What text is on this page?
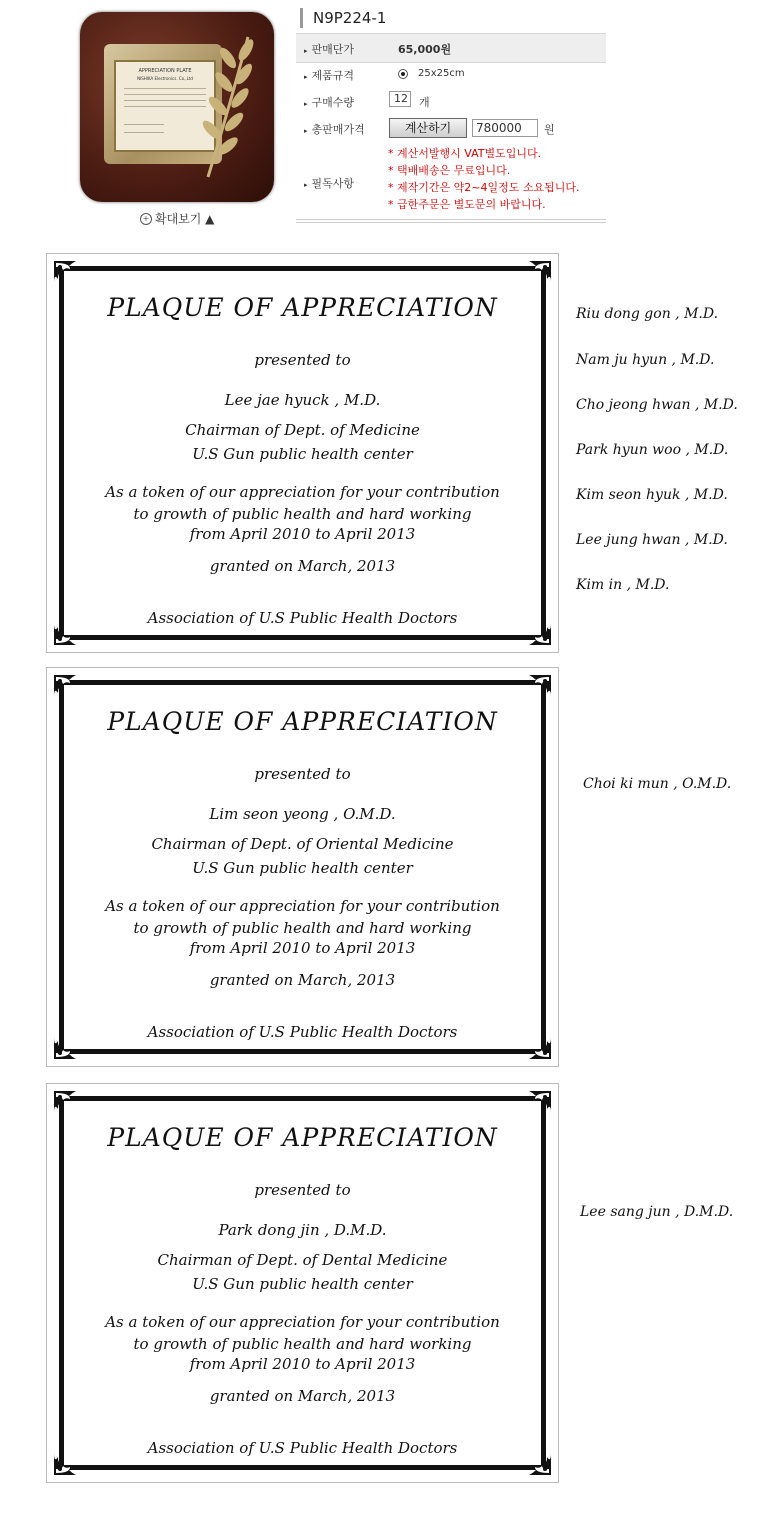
APPRECIATION PLATE
NISHIKA Electronics. Co.,Ltd
+ 확대보기 ▲
N9P224-1
▸ 판매단가	65,000원
▸ 제품규격	25x25cm
▸ 구매수량	12 개
▸ 총판매가격	계산하기	780000	원
▸ 필독사항
* 계산서발행시 VAT별도입니다.
* 택배배송은 무료입니다.
* 제작기간은 약2~4일정도 소요됩니다.
* 급한주문은 별도문의 바랍니다.
PLAQUE OF APPRECIATION
presented to
Lee jae hyuck , M.D.
Chairman of Dept. of Medicine
U.S Gun public health center
As a token of our appreciation for your contribution
to growth of public health and hard working
from April 2010 to April 2013
granted on March, 2013
Association of U.S Public Health Doctors
PLAQUE OF APPRECIATION
presented to
Lim seon yeong , O.M.D.
Chairman of Dept. of Oriental Medicine
U.S Gun public health center
As a token of our appreciation for your contribution
to growth of public health and hard working
from April 2010 to April 2013
granted on March, 2013
Association of U.S Public Health Doctors
PLAQUE OF APPRECIATION
presented to
Park dong jin , D.M.D.
Chairman of Dept. of Dental Medicine
U.S Gun public health center
As a token of our appreciation for your contribution
to growth of public health and hard working
from April 2010 to April 2013
granted on March, 2013
Association of U.S Public Health Doctors
Riu dong gon , M.D.
Nam ju hyun , M.D.
Cho jeong hwan , M.D.
Park hyun woo , M.D.
Kim seon hyuk , M.D.
Lee jung hwan , M.D.
Kim in , M.D.
Choi ki mun , O.M.D.
Lee sang jun , D.M.D.
